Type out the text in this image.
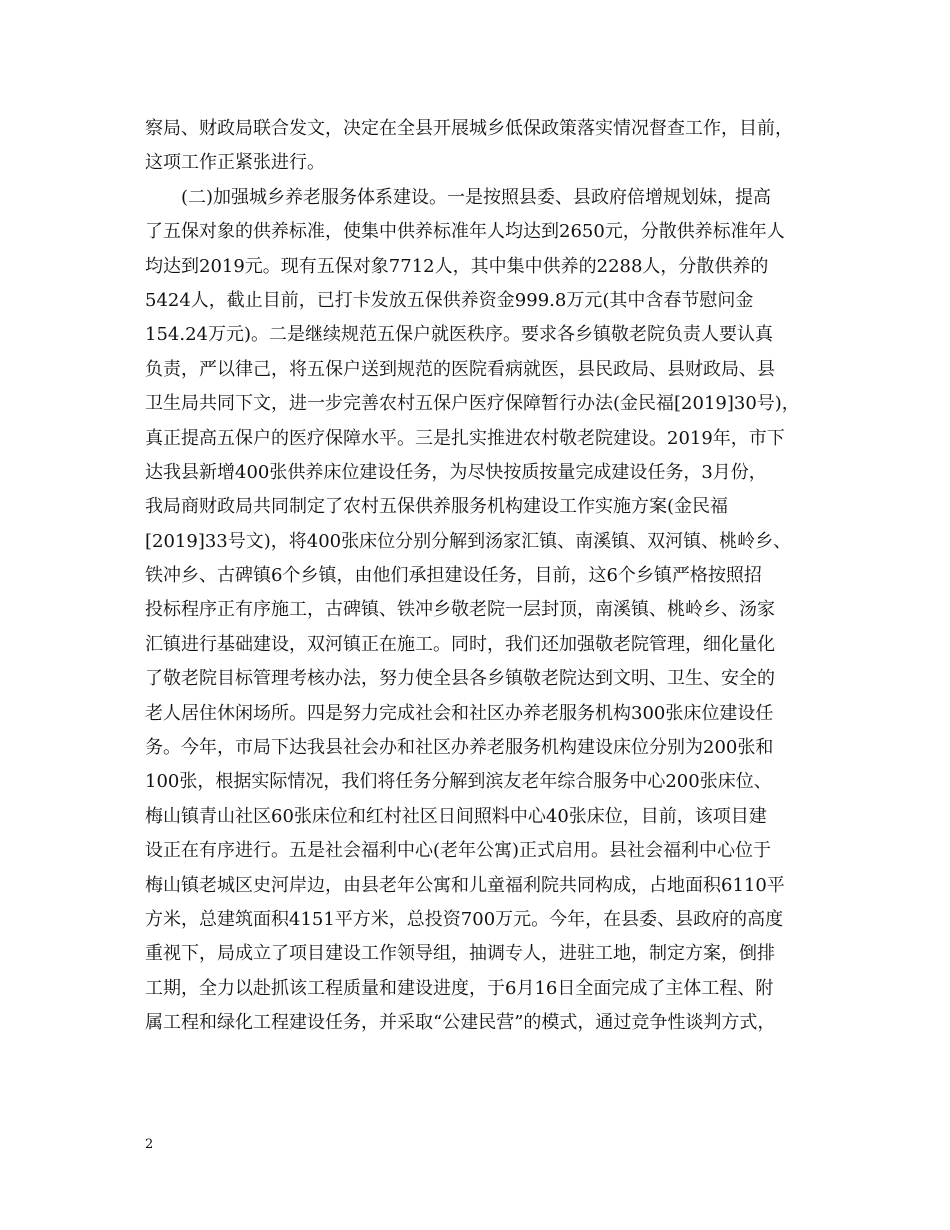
察局、财政局联合发文，决定在全县开展城乡低保政策落实情况督查工作，目前，
这项工作正紧张进行。
(二)加强城乡养老服务体系建设。一是按照县委、县政府倍增规划妹，提高
了五保对象的供养标准，使集中供养标准年人均达到2650元，分散供养标准年人
均达到2019元。现有五保对象7712人，其中集中供养的2288人，分散供养的
5424人，截止目前，已打卡发放五保供养资金999.8万元(其中含春节慰问金
154.24万元)。二是继续规范五保户就医秩序。要求各乡镇敬老院负责人要认真
负责，严以律己，将五保户送到规范的医院看病就医，县民政局、县财政局、县
卫生局共同下文，进一步完善农村五保户医疗保障暂行办法(金民福[2019]30号)，
真正提高五保户的医疗保障水平。三是扎实推进农村敬老院建设。2019年，市下
达我县新增400张供养床位建设任务，为尽快按质按量完成建设任务，3月份，
我局商财政局共同制定了农村五保供养服务机构建设工作实施方案(金民福
[2019]33号文)，将400张床位分别分解到汤家汇镇、南溪镇、双河镇、桃岭乡、
铁冲乡、古碑镇6个乡镇，由他们承担建设任务，目前，这6个乡镇严格按照招
投标程序正有序施工，古碑镇、铁冲乡敬老院一层封顶，南溪镇、桃岭乡、汤家
汇镇进行基础建设，双河镇正在施工。同时，我们还加强敬老院管理，细化量化
了敬老院目标管理考核办法，努力使全县各乡镇敬老院达到文明、卫生、安全的
老人居住休闲场所。四是努力完成社会和社区办养老服务机构300张床位建设任
务。今年，市局下达我县社会办和社区办养老服务机构建设床位分别为200张和
100张，根据实际情况，我们将任务分解到滨友老年综合服务中心200张床位、
梅山镇青山社区60张床位和红村社区日间照料中心40张床位，目前，该项目建
设正在有序进行。五是社会福利中心(老年公寓)正式启用。县社会福利中心位于
梅山镇老城区史河岸边，由县老年公寓和儿童福利院共同构成，占地面积6110平
方米，总建筑面积4151平方米，总投资700万元。今年，在县委、县政府的高度
重视下，局成立了项目建设工作领导组，抽调专人，进驻工地，制定方案，倒排
工期，全力以赴抓该工程质量和建设进度，于6月16日全面完成了主体工程、附
属工程和绿化工程建设任务，并采取“公建民营”的模式，通过竞争性谈判方式，
2
